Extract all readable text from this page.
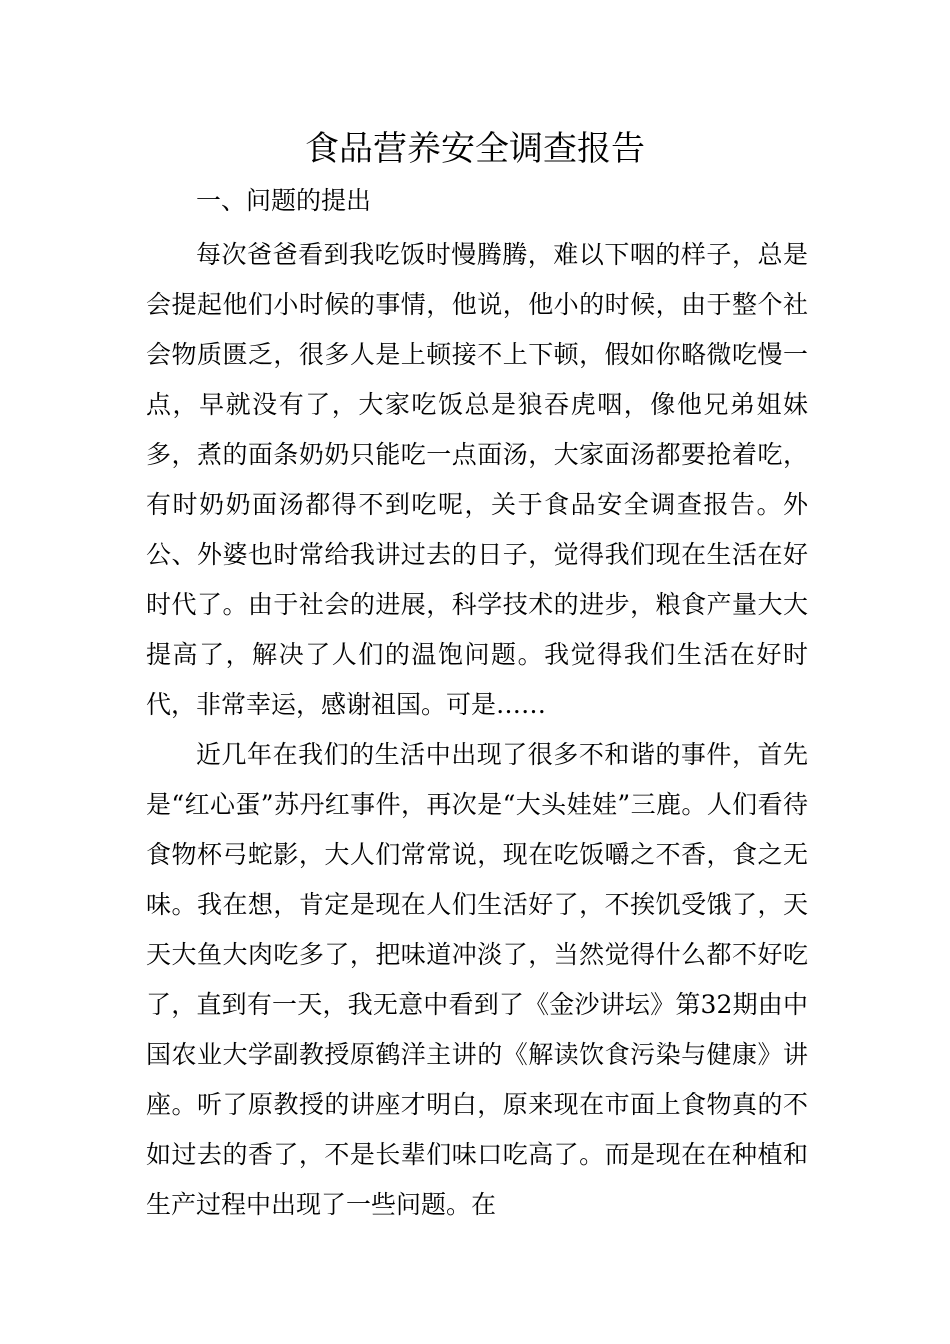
食品营养安全调查报告

一、问题的提出

每次爸爸看到我吃饭时慢腾腾，难以下咽的样子，总是会提起他们小时候的事情，他说，他小的时候，由于整个社会物质匮乏，很多人是上顿接不上下顿，假如你略微吃慢一点，早就没有了，大家吃饭总是狼吞虎咽，像他兄弟姐妹多，煮的面条奶奶只能吃一点面汤，大家面汤都要抢着吃，有时奶奶面汤都得不到吃呢，关于食品安全调查报告。外公、外婆也时常给我讲过去的日子，觉得我们现在生活在好时代了。由于社会的进展，科学技术的进步，粮食产量大大提高了，解决了人们的温饱问题。我觉得我们生活在好时代，非常幸运，感谢祖国。可是……

近几年在我们的生活中出现了很多不和谐的事件，首先是“红心蛋”苏丹红事件，再次是“大头娃娃”三鹿。人们看待食物杯弓蛇影，大人们常常说，现在吃饭嚼之不香，食之无味。我在想，肯定是现在人们生活好了，不挨饥受饿了，天天大鱼大肉吃多了，把味道冲淡了，当然觉得什么都不好吃了，直到有一天，我无意中看到了《金沙讲坛》第32期由中国农业大学副教授原鹤洋主讲的《解读饮食污染与健康》讲座。听了原教授的讲座才明白，原来现在市面上食物真的不如过去的香了，不是长辈们味口吃高了。而是现在在种植和生产过程中出现了一些问题。在
